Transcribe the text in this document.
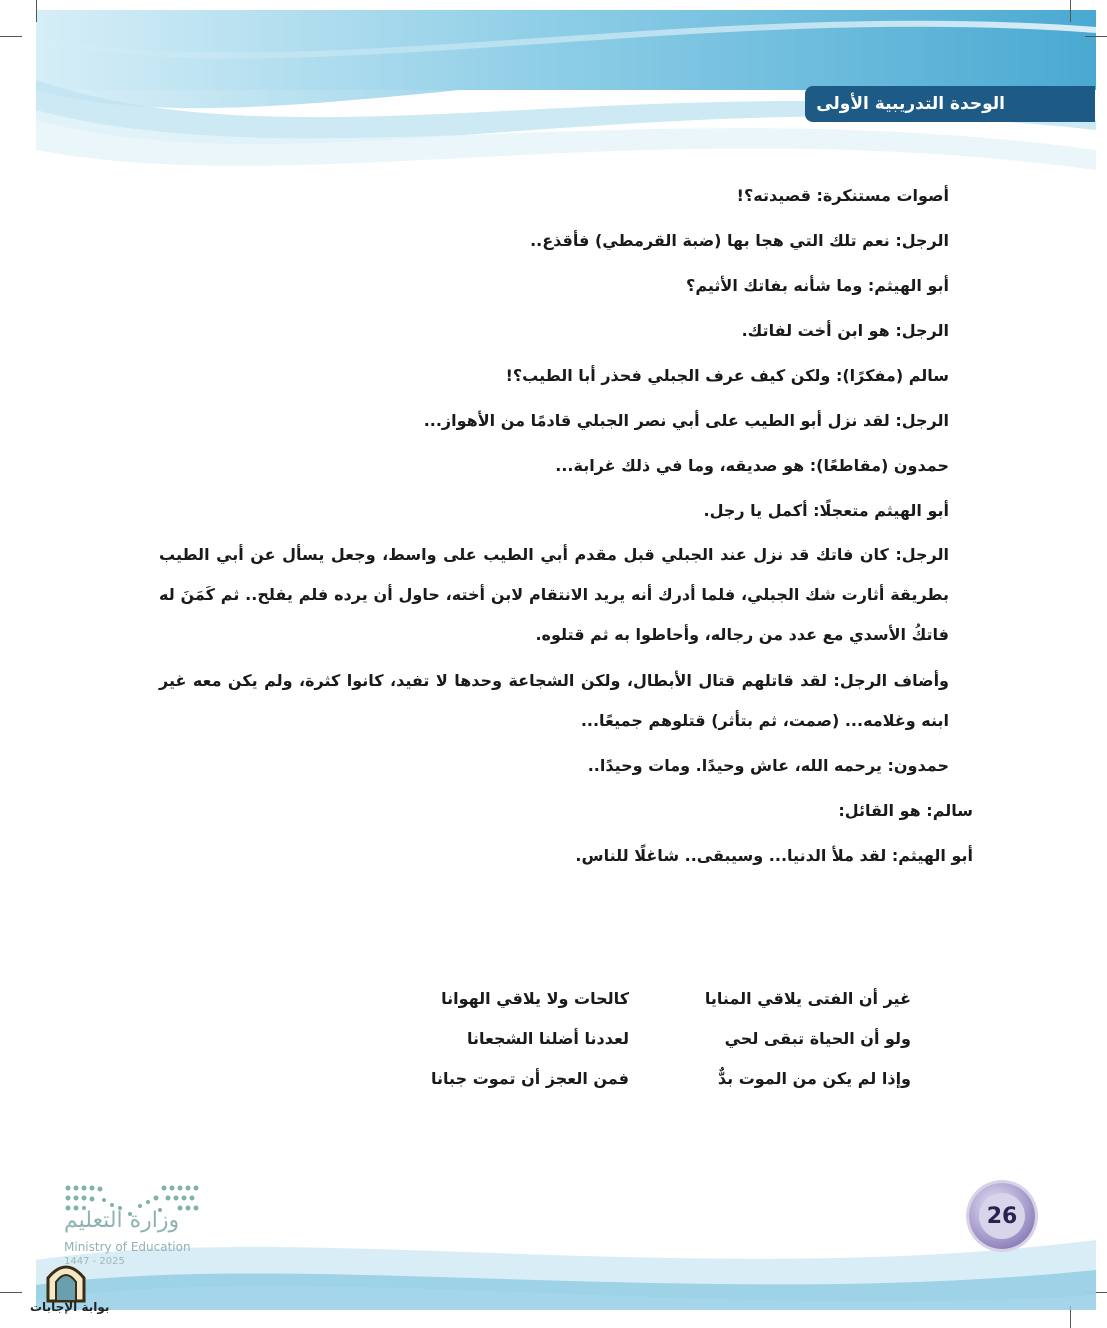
الوحدة التدريبية الأولى
أصوات مستنكرة: قصيدته؟!
الرجل: نعم تلك التي هجا بها (ضبة القرمطي) فأقذع..
أبو الهيثم: وما شأنه بفاتك الأثيم؟
الرجل: هو ابن أخت لفاتك.
سالم (مفكرًا): ولكن كيف عرف الجبلي فحذر أبا الطيب؟!
الرجل: لقد نزل أبو الطيب على أبي نصر الجبلي قادمًا من الأهواز...
حمدون (مقاطعًا): هو صديقه، وما في ذلك غرابة...
أبو الهيثم متعجلًا: أكمل يا رجل.
الرجل: كان فاتك قد نزل عند الجبلي قبل مقدم أبي الطيب على واسط، وجعل يسأل عن أبي الطيب بطريقة أثارت شك الجبلي، فلما أدرك أنه يريد الانتقام لابن أخته، حاول أن يرده فلم يفلح.. ثم كَمَنَ له فاتكُ الأسدي مع عدد من رجاله، وأحاطوا به ثم قتلوه.
وأضاف الرجل: لقد قاتلهم قتال الأبطال، ولكن الشجاعة وحدها لا تفيد، كانوا كثرة، ولم يكن معه غير ابنه وغلامه... (صمت، ثم بتأثر) قتلوهم جميعًا...
حمدون: يرحمه الله، عاش وحيدًا. ومات وحيدًا..
سالم: هو القائل:
أبو الهيثم: لقد ملأ الدنيا... وسيبقى.. شاغلًا للناس.
غير أن الفتى يلاقي المنايا
كالحات ولا يلاقي الهوانا
ولو أن الحياة تبقى لحي
لعددنا أضلنا الشجعانا
وإذا لم يكن من الموت بدٌّ
فمن العجز أن تموت جبانا
وزارة التعليم
Ministry of Education
1447 - 2025
بوابة الإجابات
26
